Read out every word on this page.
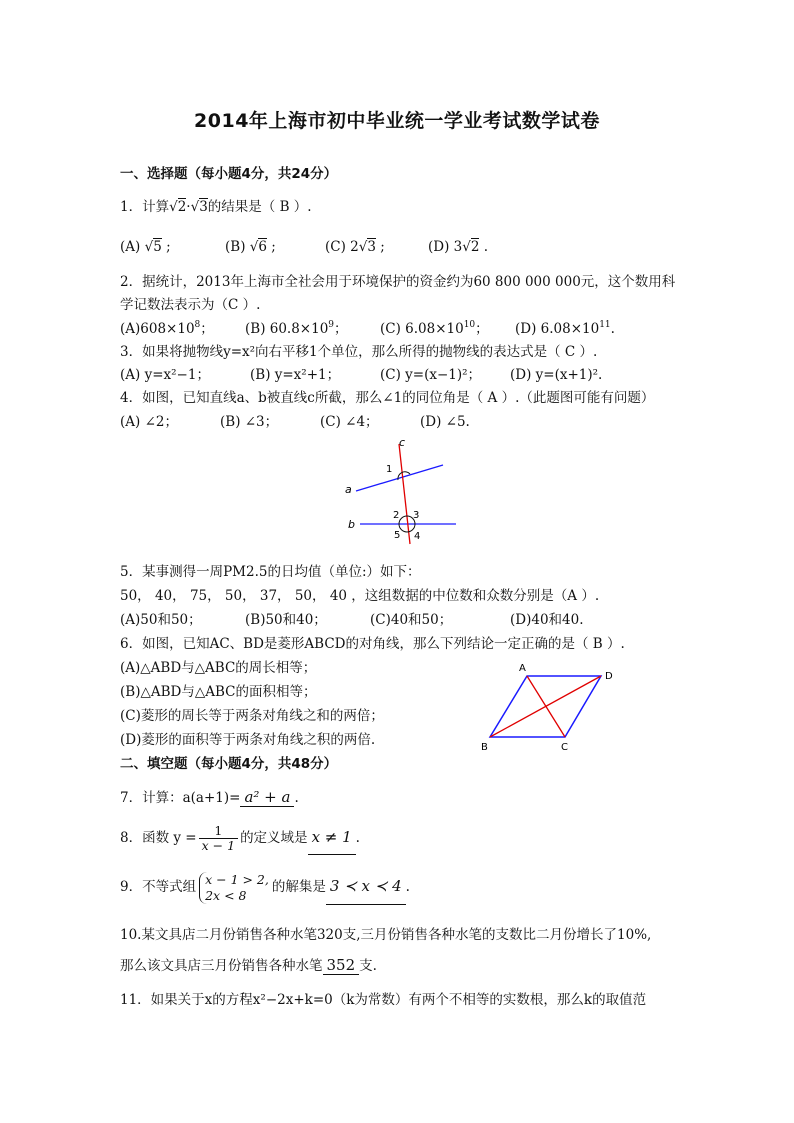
2014年上海市初中毕业统一学业考试数学试卷
一、选择题（每小题4分，共24分）
1．计算√2·√3的结果是（ B ）.
(A) √5 ;	(B) √6 ;	(C) 2√3 ;	(D) 3√2 .
2．据统计，2013年上海市全社会用于环境保护的资金约为60 800 000 000元，这个数用科
学记数法表示为（C ）.
$(A)608\times 10^8$； (B) $60.8\times 10^9$； (C) $6.08\times 10^{10}$； (D) $6.08\times 10^{11}$.
3．如果将抛物线y=x²向右平移1个单位，那么所得的抛物线的表达式是（ C ）.
(A) y=x²−1；	(B) y=x²+1；	(C) y=(x−1)²； (D) y=(x+1)².
4．如图，已知直线a、b被直线c所截，那么∠1的同位角是（ A ）.（此题图可能有问题）
(A) ∠2；	(B) ∠3；	(C) ∠4；	(D) ∠5.
c
a
b
1
2 3
4
5
5．某事测得一周PM2.5的日均值（单位:）如下：
50， 40， 75， 50， 37， 50， 40 ，这组数据的中位数和众数分别是（A ）.
(A)50和50；	(B)50和40；	(C)40和50；	(D)40和40.
6．如图，已知AC、BD是菱形ABCD的对角线，那么下列结论一定正确的是（ B ）.
(A)△ABD与△ABC的周长相等；
(B)△ABD与△ABC的面积相等；
(C)菱形的周长等于两条对角线之和的两倍；
(D)菱形的面积等于两条对角线之积的两倍.
A
D
B	C
二、填空题（每小题4分，共48分）
7．计算：a(a+1)= a² + a .
8．函数 $y = \frac{1}{x - 1}$ 的定义域是 x ≠ 1 .
9．不等式组 x − 1 > 2,
2x < 8	的解集是 3 ≺ x ≺ 4 .
10.某文具店二月份销售各种水笔320支,三月份销售各种水笔的支数比二月份增长了10%,
那么该文具店三月份销售各种水笔 352 支.
11．如果关于x的方程x²−2x+k=0（k为常数）有两个不相等的实数根，那么k的取值范
